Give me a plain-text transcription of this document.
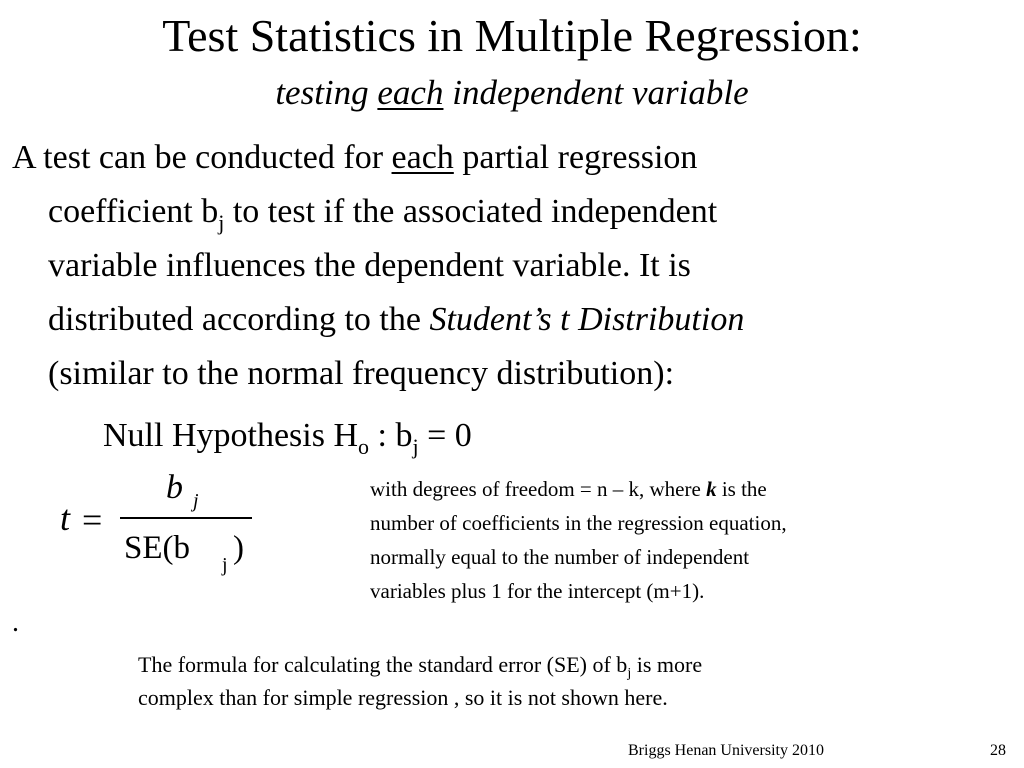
Test Statistics in Multiple Regression:
testing each independent variable
A test can be conducted for each partial regression
coefficient $b_j$ to test if the associated independent
variable influences the dependent variable. It is
distributed according to the Student’s t Distribution
(similar to the normal frequency distribution):
Null Hypothesis $H_o$ : $b_j = 0$
t =
b j
SE(b j )
with degrees of freedom = n – k, where k is the
number of coefficients in the regression equation,
normally equal to the number of independent
variables plus 1 for the intercept (m+1).
.
The formula for calculating the standard error (SE) of $b_j$ is more
complex than for simple regression , so it is not shown here.
Briggs Henan University 2010	28
